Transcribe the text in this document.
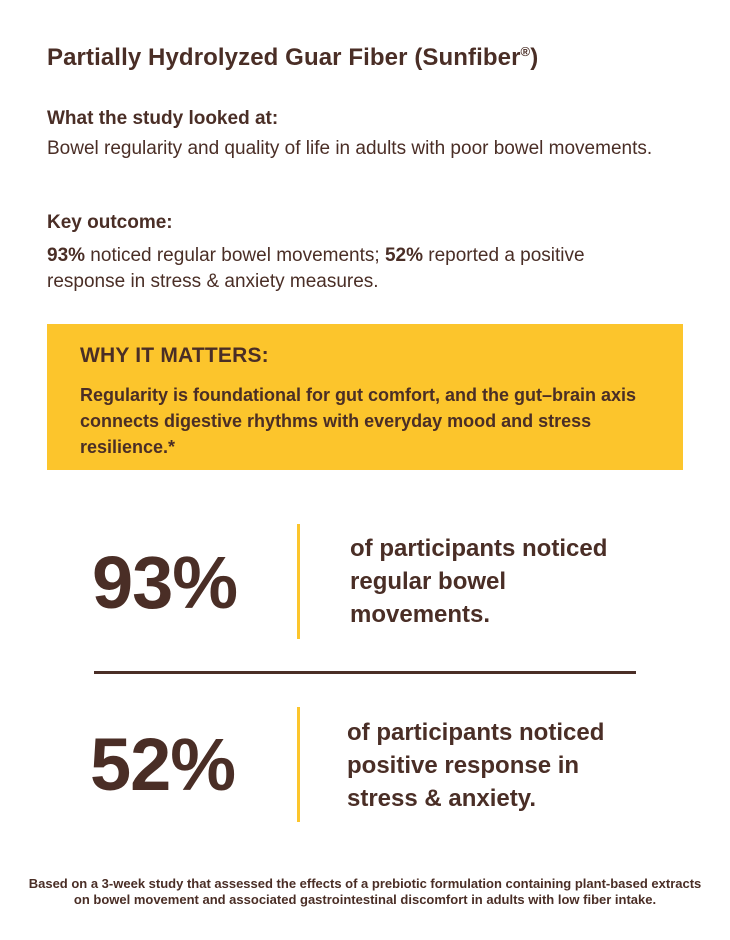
Partially Hydrolyzed Guar Fiber (Sunfiber®)
What the study looked at:
Bowel regularity and quality of life in adults with poor bowel movements.
Key outcome:
93% noticed regular bowel movements; 52% reported a positive response in stress & anxiety measures.
WHY IT MATTERS:
Regularity is foundational for gut comfort, and the gut–brain axis connects digestive rhythms with everyday mood and stress resilience.*
93%	of participants noticed regular bowel movements.
52%	of participants noticed positive response in stress & anxiety.
Based on a 3-week study that assessed the effects of a prebiotic formulation containing plant-based extracts on bowel movement and associated gastrointestinal discomfort in adults with low fiber intake.
